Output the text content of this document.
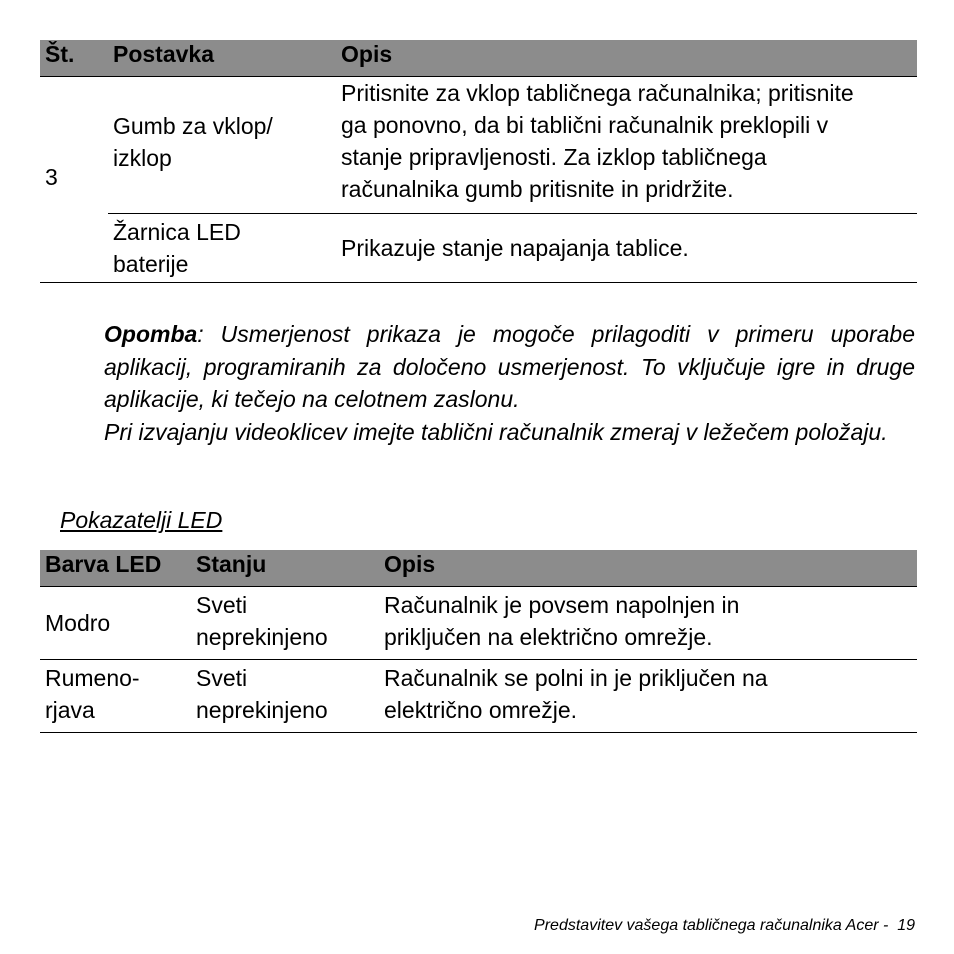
Št.	Postavka	Opis
3	Gumb za vklop/ izklop	Pritisnite za vklop tabličnega računalnika; pritisnite ga ponovno, da bi tablični računalnik preklopili v stanje pripravljenosti. Za izklop tabličnega računalnika gumb pritisnite in pridržite.
	Žarnica LED baterije	Prikazuje stanje napajanja tablice.

Opomba: Usmerjenost prikaza je mogoče prilagoditi v primeru uporabe aplikacij, programiranih za določeno usmerjenost. To vključuje igre in druge aplikacije, ki tečejo na celotnem zaslonu.

Pri izvajanju videoklicev imejte tablični računalnik zmeraj v ležečem položaju.

Pokazatelji LED
Barva LED	Stanju	Opis
Modro	Sveti neprekinjeno	Računalnik je povsem napolnjen in priključen na električno omrežje.
Rumeno-rjava	Sveti neprekinjeno	Računalnik se polni in je priključen na električno omrežje.
Predstavitev vašega tabličnega računalnika Acer -  19
